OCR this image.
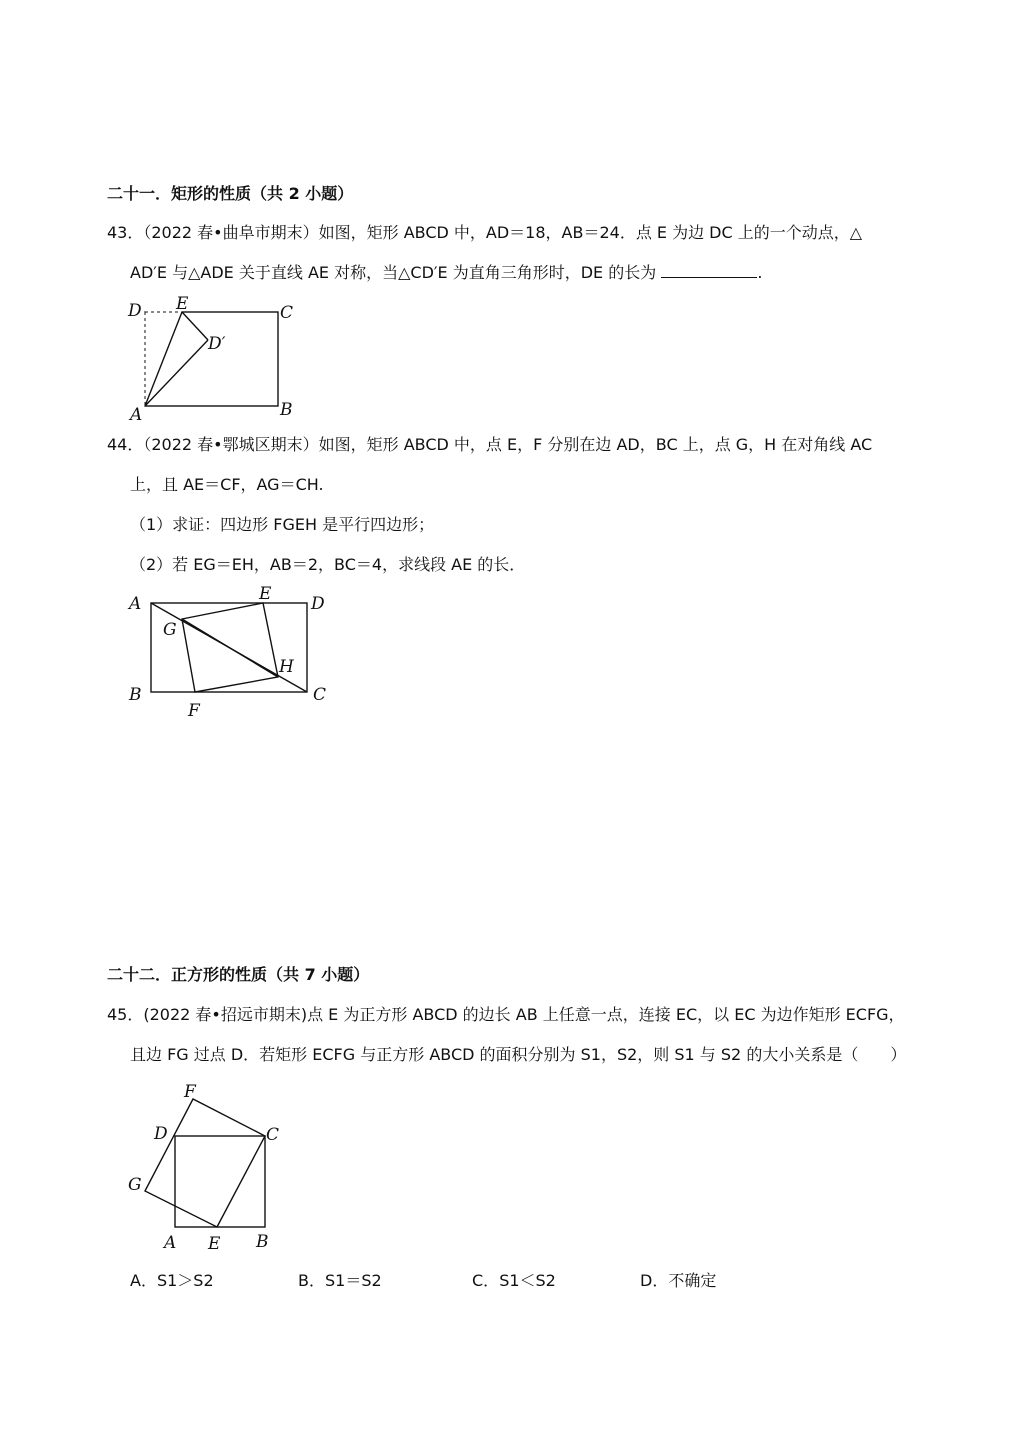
二十一．矩形的性质（共 2 小题）
43．（2022 春•曲阜市期末）如图，矩形 ABCD 中，AD＝18，AB＝24．点 E 为边 DC 上的一个动点，△
AD′E 与△ADE 关于直线 AE 对称，当△CD′E 为直角三角形时，DE 的长为	.
D E	C
D′
A	B
44．（2022 春•鄂城区期末）如图，矩形 ABCD 中，点 E，F 分别在边 AD，BC 上，点 G，H 在对角线 AC
上，且 AE＝CF，AG＝CH.
（1）求证：四边形 FGEH 是平行四边形；
（2）若 EG＝EH，AB＝2，BC＝4，求线段 AE 的长．
A	E D
G
H
B
F
C
二十二．正方形的性质（共 7 小题）
45．(2022 春•招远市期末)点 E 为正方形 ABCD 的边长 AB 上任意一点，连接 EC，以 EC 为边作矩形 ECFG，
且边 FG 过点 D．若矩形 ECFG 与正方形 ABCD 的面积分别为 S1，S2，则 S1 与 S2 的大小关系是（　　）
F
D	C
G
A E B
A．S1＞S2	B．S1＝S2	C．S1＜S2	D．不确定
